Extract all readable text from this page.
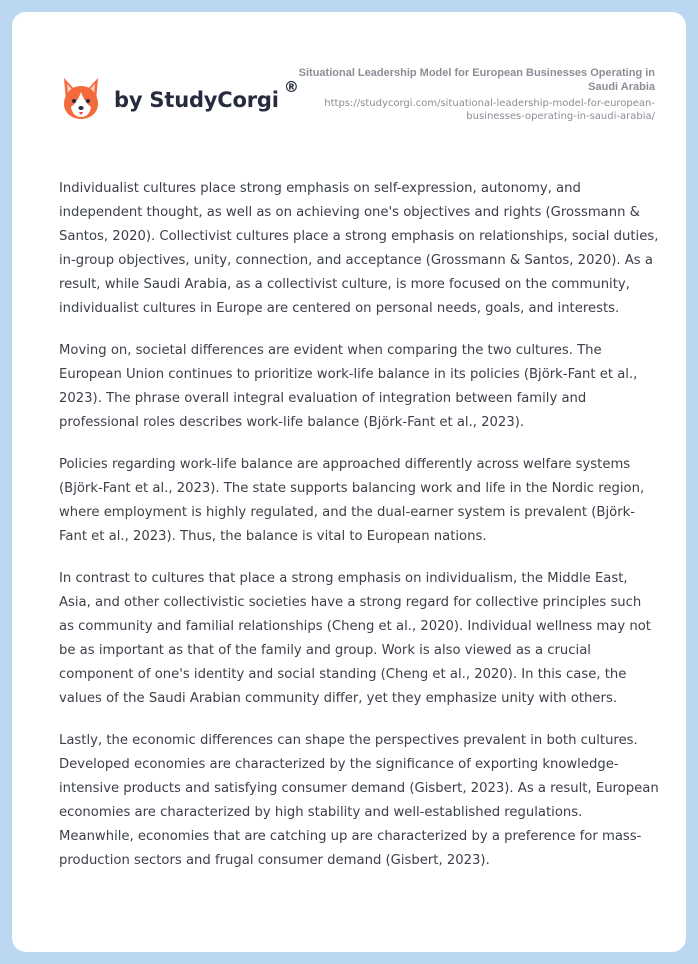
by StudyCorgi
®
Situational Leadership Model for European Businesses Operating in Saudi Arabia
https://studycorgi.com/situational-leadership-model-for-european-businesses-operating-in-saudi-arabia/

Individualist cultures place strong emphasis on self-expression, autonomy, and independent thought, as well as on achieving one's objectives and rights (Grossmann & Santos, 2020). Collectivist cultures place a strong emphasis on relationships, social duties, in-group objectives, unity, connection, and acceptance (Grossmann & Santos, 2020). As a result, while Saudi Arabia, as a collectivist culture, is more focused on the community, individualist cultures in Europe are centered on personal needs, goals, and interests.

Moving on, societal differences are evident when comparing the two cultures. The European Union continues to prioritize work-life balance in its policies (Björk-Fant et al., 2023). The phrase overall integral evaluation of integration between family and professional roles describes work-life balance (Björk-Fant et al., 2023).

Policies regarding work-life balance are approached differently across welfare systems (Björk-Fant et al., 2023). The state supports balancing work and life in the Nordic region, where employment is highly regulated, and the dual-earner system is prevalent (Björk-Fant et al., 2023). Thus, the balance is vital to European nations.

In contrast to cultures that place a strong emphasis on individualism, the Middle East, Asia, and other collectivistic societies have a strong regard for collective principles such as community and familial relationships (Cheng et al., 2020). Individual wellness may not be as important as that of the family and group. Work is also viewed as a crucial component of one's identity and social standing (Cheng et al., 2020). In this case, the values of the Saudi Arabian community differ, yet they emphasize unity with others.

Lastly, the economic differences can shape the perspectives prevalent in both cultures. Developed economies are characterized by the significance of exporting knowledge-intensive products and satisfying consumer demand (Gisbert, 2023). As a result, European economies are characterized by high stability and well-established regulations. Meanwhile, economies that are catching up are characterized by a preference for mass-production sectors and frugal consumer demand (Gisbert, 2023).
